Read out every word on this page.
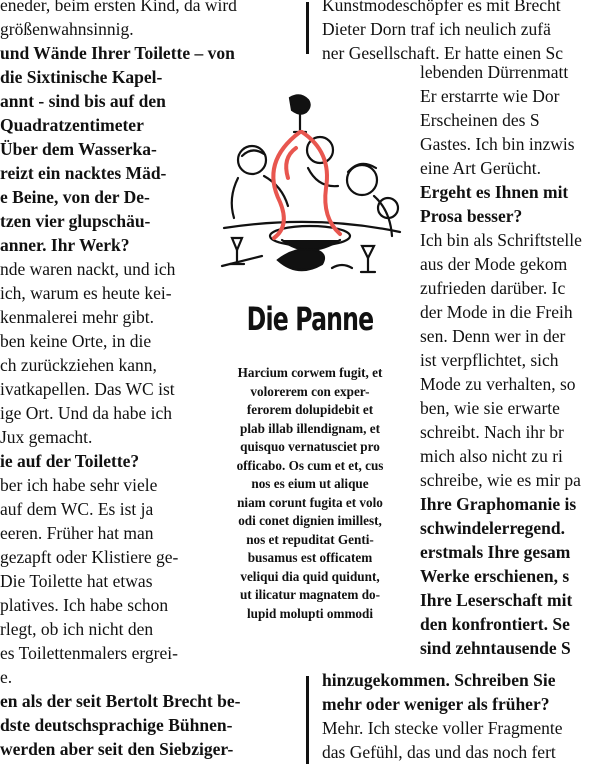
eneder, beim ersten Kind, da wird
größenwahnsinnig.
und Wände Ihrer Toilette – von
die Sixtinische Kapel-
annt - sind bis auf den
Quadratzentimeter
Über dem Wasserka-
reizt ein nacktes Mäd-
e Beine, von der De-
tzen vier glupschäu-
anner. Ihr Werk?
nde waren nackt, und ich
ich, warum es heute kei-
kenmalerei mehr gibt.
ben keine Orte, in die
ch zurückziehen kann,
ivatkapellen. Das WC ist
ige Ort. Und da habe ich
Jux gemacht.
ie auf der Toilette?
ber ich habe sehr viele
auf dem WC. Es ist ja
eeren. Früher hat man
gezapft oder Klistiere ge-
Die Toilette hat etwas
platives. Ich habe schon
rlegt, ob ich nicht den
es Toilettenmalers ergrei-
e.
en als der seit Bertolt Brecht be-
dste deutschsprachige Bühnen-
werden aber seit den Siebziger-
Kunstmodeschöpfer es mit Brecht
Dieter Dorn traf ich neulich zufä
ner Gesellschaft. Er hatte einen Sc
lebenden Dürrenmatt
Er erstarrte wie Dor
Erscheinen des S
Gastes. Ich bin inzwis
eine Art Gerücht.
Ergeht es Ihnen mit
Prosa besser?
Ich bin als Schriftstelle
aus der Mode gekom
zufrieden darüber. Ic
der Mode in die Freih
sen. Denn wer in der
ist verpflichtet, sich
Mode zu verhalten, so
ben, wie sie erwarte
schreibt. Nach ihr br
mich also nicht zu ri
schreibe, wie es mir pa
Ihre Graphomanie is
schwindelerregend.
erstmals Ihre gesam
Werke erschienen, s
Ihre Leserschaft mit
den konfrontiert. Se
sind zehntausende S
hinzugekommen. Schreiben Sie
mehr oder weniger als früher?
Mehr. Ich stecke voller Fragmente
das Gefühl, das und das noch fert
Die Panne
Harcium corwem fugit, et
volorerem con exper-
ferorem dolupidebit et
plab illab illendignam, et
quisquo vernatusciet pro
officabo. Os cum et et, cus
nos es eium ut alique
niam corunt fugita et volo
odi conet dignien imillest,
nos et repuditat Genti-
busamus est officatem
veliqui dia quid quidunt,
ut ilicatur magnatem do-
lupid molupti ommodi
